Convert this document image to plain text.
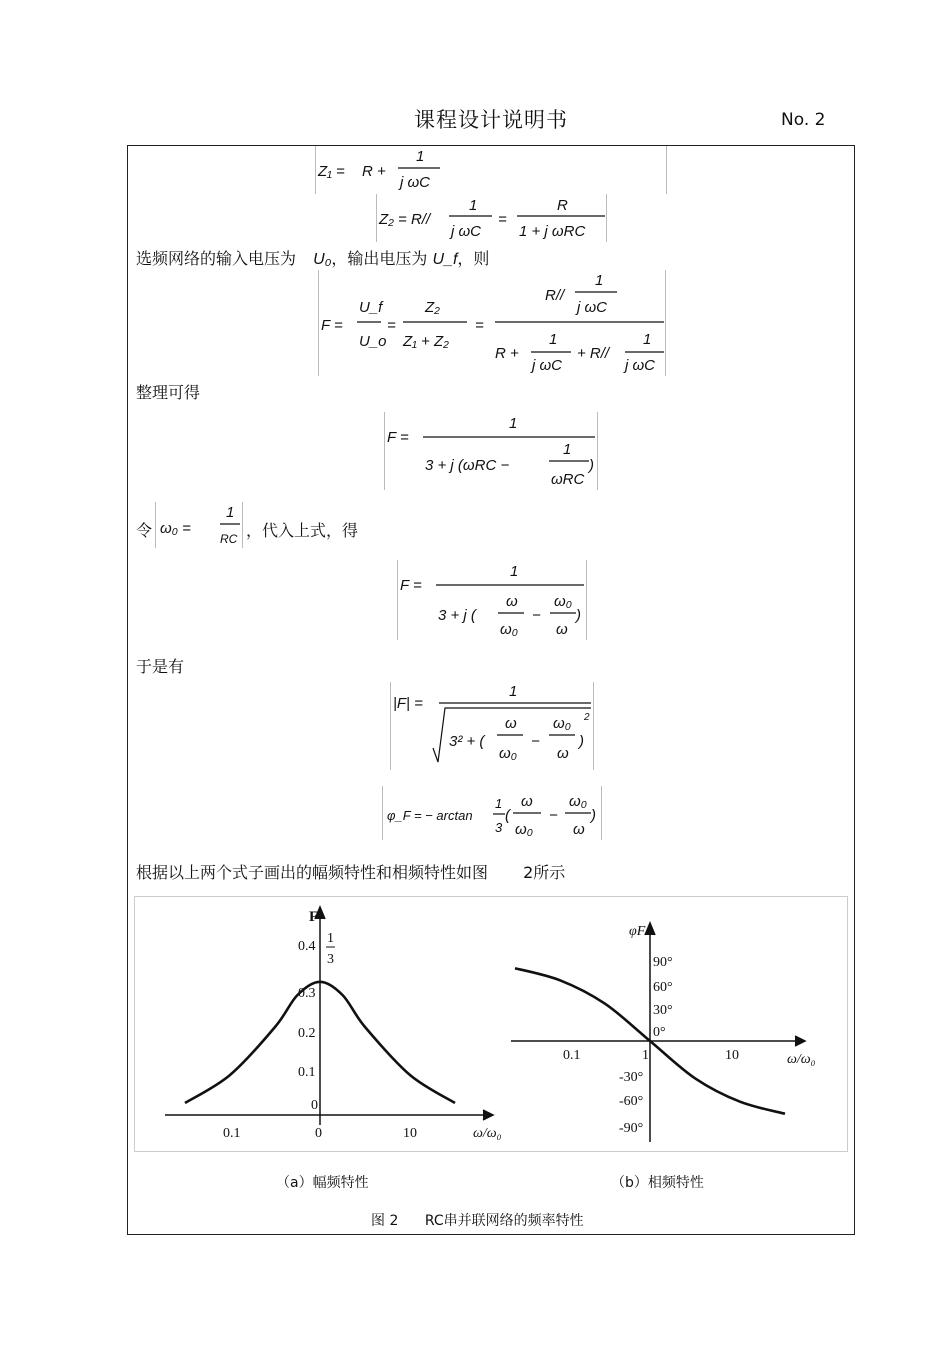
课程设计说明书	No. 2
Z₁ = R +
1
j ωC
Z₂ = R//
1
j ωC
=
R
1 + j ωRC
选频网络的输入电压为 U₀，输出电压为 U_f，则
F =
U_f
U_o
=
Z₂
Z₁ + Z₂
=
R//
1
j ωC
R +
1
j ωC
+ R//
1
j ωC
整理可得
F =
1
3 + j (ωRC −
1
ωRC
)
令 ω₀ =
1
RC ，代入上式，得
F =
1
3 + j (
ω
ω₀
−
ω₀
ω
)
于是有
|F| =
1
3² + (
ω
ω₀
−
ω₀
ω
)
2
φ_F = − arctan
1
3
(
ω
ω₀
−
ω₀
ω
)
根据以上两个式子画出的幅频特性和相频特性如图 2所示
F
ω/ω₀
0.1	0	10
0
0.1
0.2
0.3
0.4
1
3
φF
ω/ω₀
0.1	1	10
90°
60°
30°
0°
-30°
-60°
-90°
（a）幅频特性	（b）相频特性
图 2 RC串并联网络的频率特性
